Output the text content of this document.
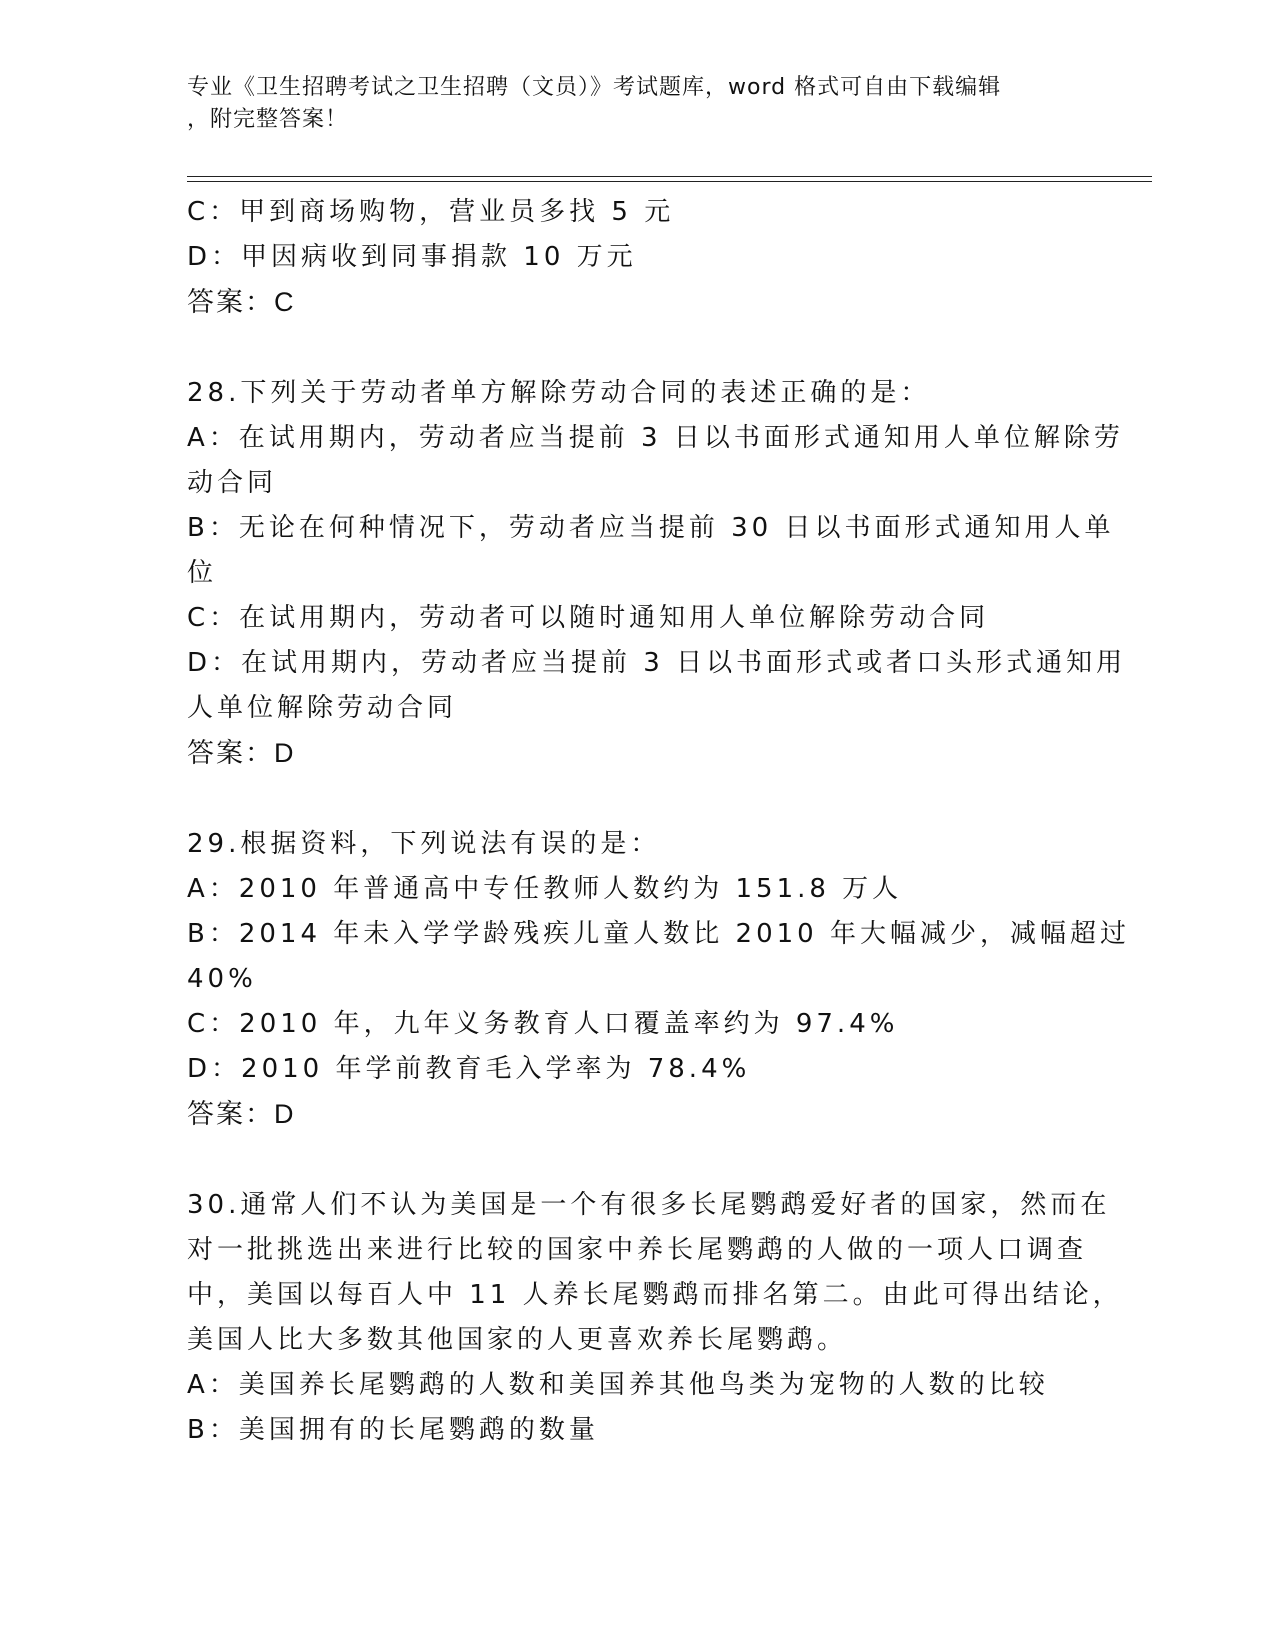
专业《卫生招聘考试之卫生招聘（文员）》考试题库，word 格式可自由下载编辑
，附完整答案！
C：甲到商场购物，营业员多找 5 元
D：甲因病收到同事捐款 10 万元
答案：C
28.下列关于劳动者单方解除劳动合同的表述正确的是：
A：在试用期内，劳动者应当提前 3 日以书面形式通知用人单位解除劳
动合同
B：无论在何种情况下，劳动者应当提前 30 日以书面形式通知用人单
位
C：在试用期内，劳动者可以随时通知用人单位解除劳动合同
D：在试用期内，劳动者应当提前 3 日以书面形式或者口头形式通知用
人单位解除劳动合同
答案：D
29.根据资料，下列说法有误的是：
A：2010 年普通高中专任教师人数约为 151.8 万人
B：2014 年未入学学龄残疾儿童人数比 2010 年大幅减少，减幅超过
40%
C：2010 年，九年义务教育人口覆盖率约为 97.4%
D：2010 年学前教育毛入学率为 78.4%
答案：D
30.通常人们不认为美国是一个有很多长尾鹦鹉爱好者的国家，然而在
对一批挑选出来进行比较的国家中养长尾鹦鹉的人做的一项人口调查
中，美国以每百人中 11 人养长尾鹦鹉而排名第二。由此可得出结论，
美国人比大多数其他国家的人更喜欢养长尾鹦鹉。
A：美国养长尾鹦鹉的人数和美国养其他鸟类为宠物的人数的比较
B：美国拥有的长尾鹦鹉的数量
